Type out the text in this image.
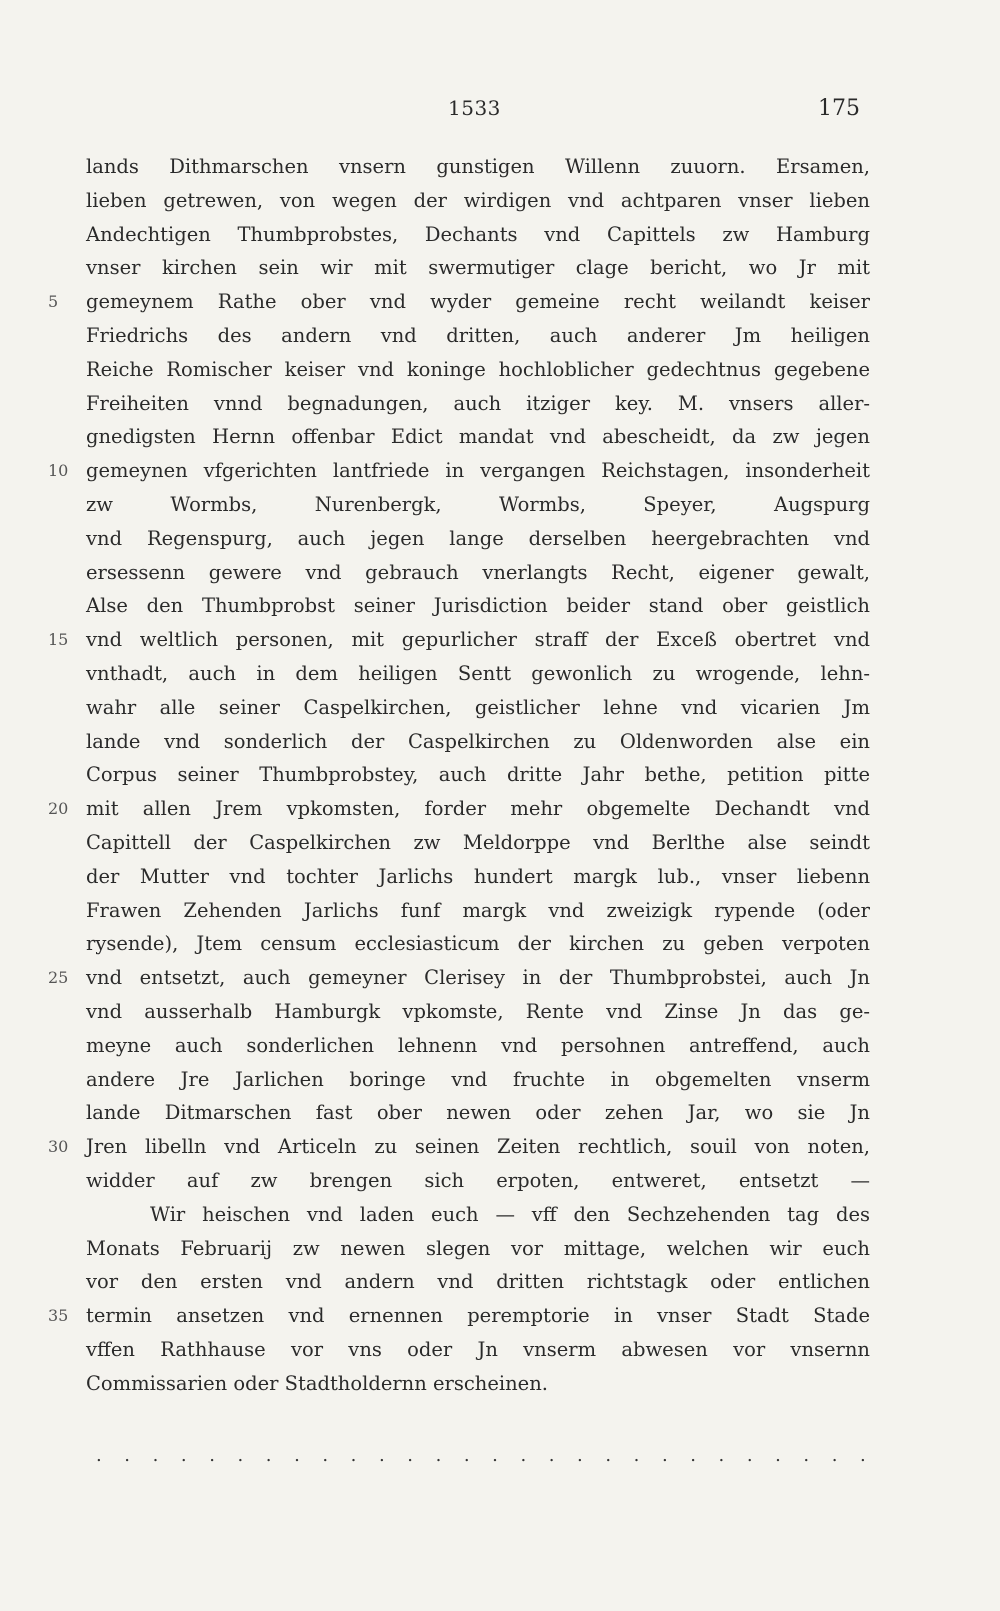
1533	175
lands Dithmarschen vnsern gunstigen Willenn zuuorn. Ersamen,
lieben getrewen, von wegen der wirdigen vnd achtparen vnser lieben
Andechtigen Thumbprobstes, Dechants vnd Capittels zw Hamburg
vnser kirchen sein wir mit swermutiger clage bericht, wo Jr mit
5	gemeynem Rathe ober vnd wyder gemeine recht weilandt keiser
Friedrichs des andern vnd dritten, auch anderer Jm heiligen
Reiche Romischer keiser vnd koninge hochloblicher gedechtnus gegebene
Freiheiten vnnd begnadungen, auch itziger key. M. vnsers aller-
gnedigsten Hernn offenbar Edict mandat vnd abescheidt, da zw jegen
10 gemeynen vfgerichten lantfriede in vergangen Reichstagen, insonderheit
zw Wormbs, Nurenbergk, Wormbs, Speyer, Augspurg
vnd Regenspurg, auch jegen lange derselben heergebrachten vnd
ersessenn gewere vnd gebrauch vnerlangts Recht, eigener gewalt,
Alse den Thumbprobst seiner Jurisdiction beider stand ober geistlich
15 vnd weltlich personen, mit gepurlicher straff der Exceß obertret vnd
vnthadt, auch in dem heiligen Sentt gewonlich zu wrogende, lehn-
wahr alle seiner Caspelkirchen, geistlicher lehne vnd vicarien Jm
lande vnd sonderlich der Caspelkirchen zu Oldenworden alse ein
Corpus seiner Thumbprobstey, auch dritte Jahr bethe, petition pitte
20 mit allen Jrem vpkomsten, forder mehr obgemelte Dechandt vnd
Capittell der Caspelkirchen zw Meldorppe vnd Berlthe alse seindt
der Mutter vnd tochter Jarlichs hundert margk lub., vnser liebenn
Frawen Zehenden Jarlichs funf margk vnd zweizigk rypende (oder
rysende), Jtem censum ecclesiasticum der kirchen zu geben verpoten
25 vnd entsetzt, auch gemeyner Clerisey in der Thumbprobstei, auch Jn
vnd ausserhalb Hamburgk vpkomste, Rente vnd Zinse Jn das ge-
meyne auch sonderlichen lehnenn vnd persohnen antreffend, auch
andere Jre Jarlichen boringe vnd fruchte in obgemelten vnserm
lande Ditmarschen fast ober newen oder zehen Jar, wo sie Jn
30 Jren libelln vnd Articeln zu seinen Zeiten rechtlich, souil von noten,
widder auf zw brengen sich erpoten, entweret, entsetzt —
Wir heischen vnd laden euch — vff den Sechzehenden tag des
Monats Februarij zw newen slegen vor mittage, welchen wir euch
vor den ersten vnd andern vnd dritten richtstagk oder entlichen
35 termin ansetzen vnd ernennen peremptorie in vnser Stadt Stade
vffen Rathhause vor vns oder Jn vnserm abwesen vor vnsernn
Commissarien oder Stadtholdernn erscheinen.
. . . . . . . . . . . . . . . . . . . . . . . . . . . .
